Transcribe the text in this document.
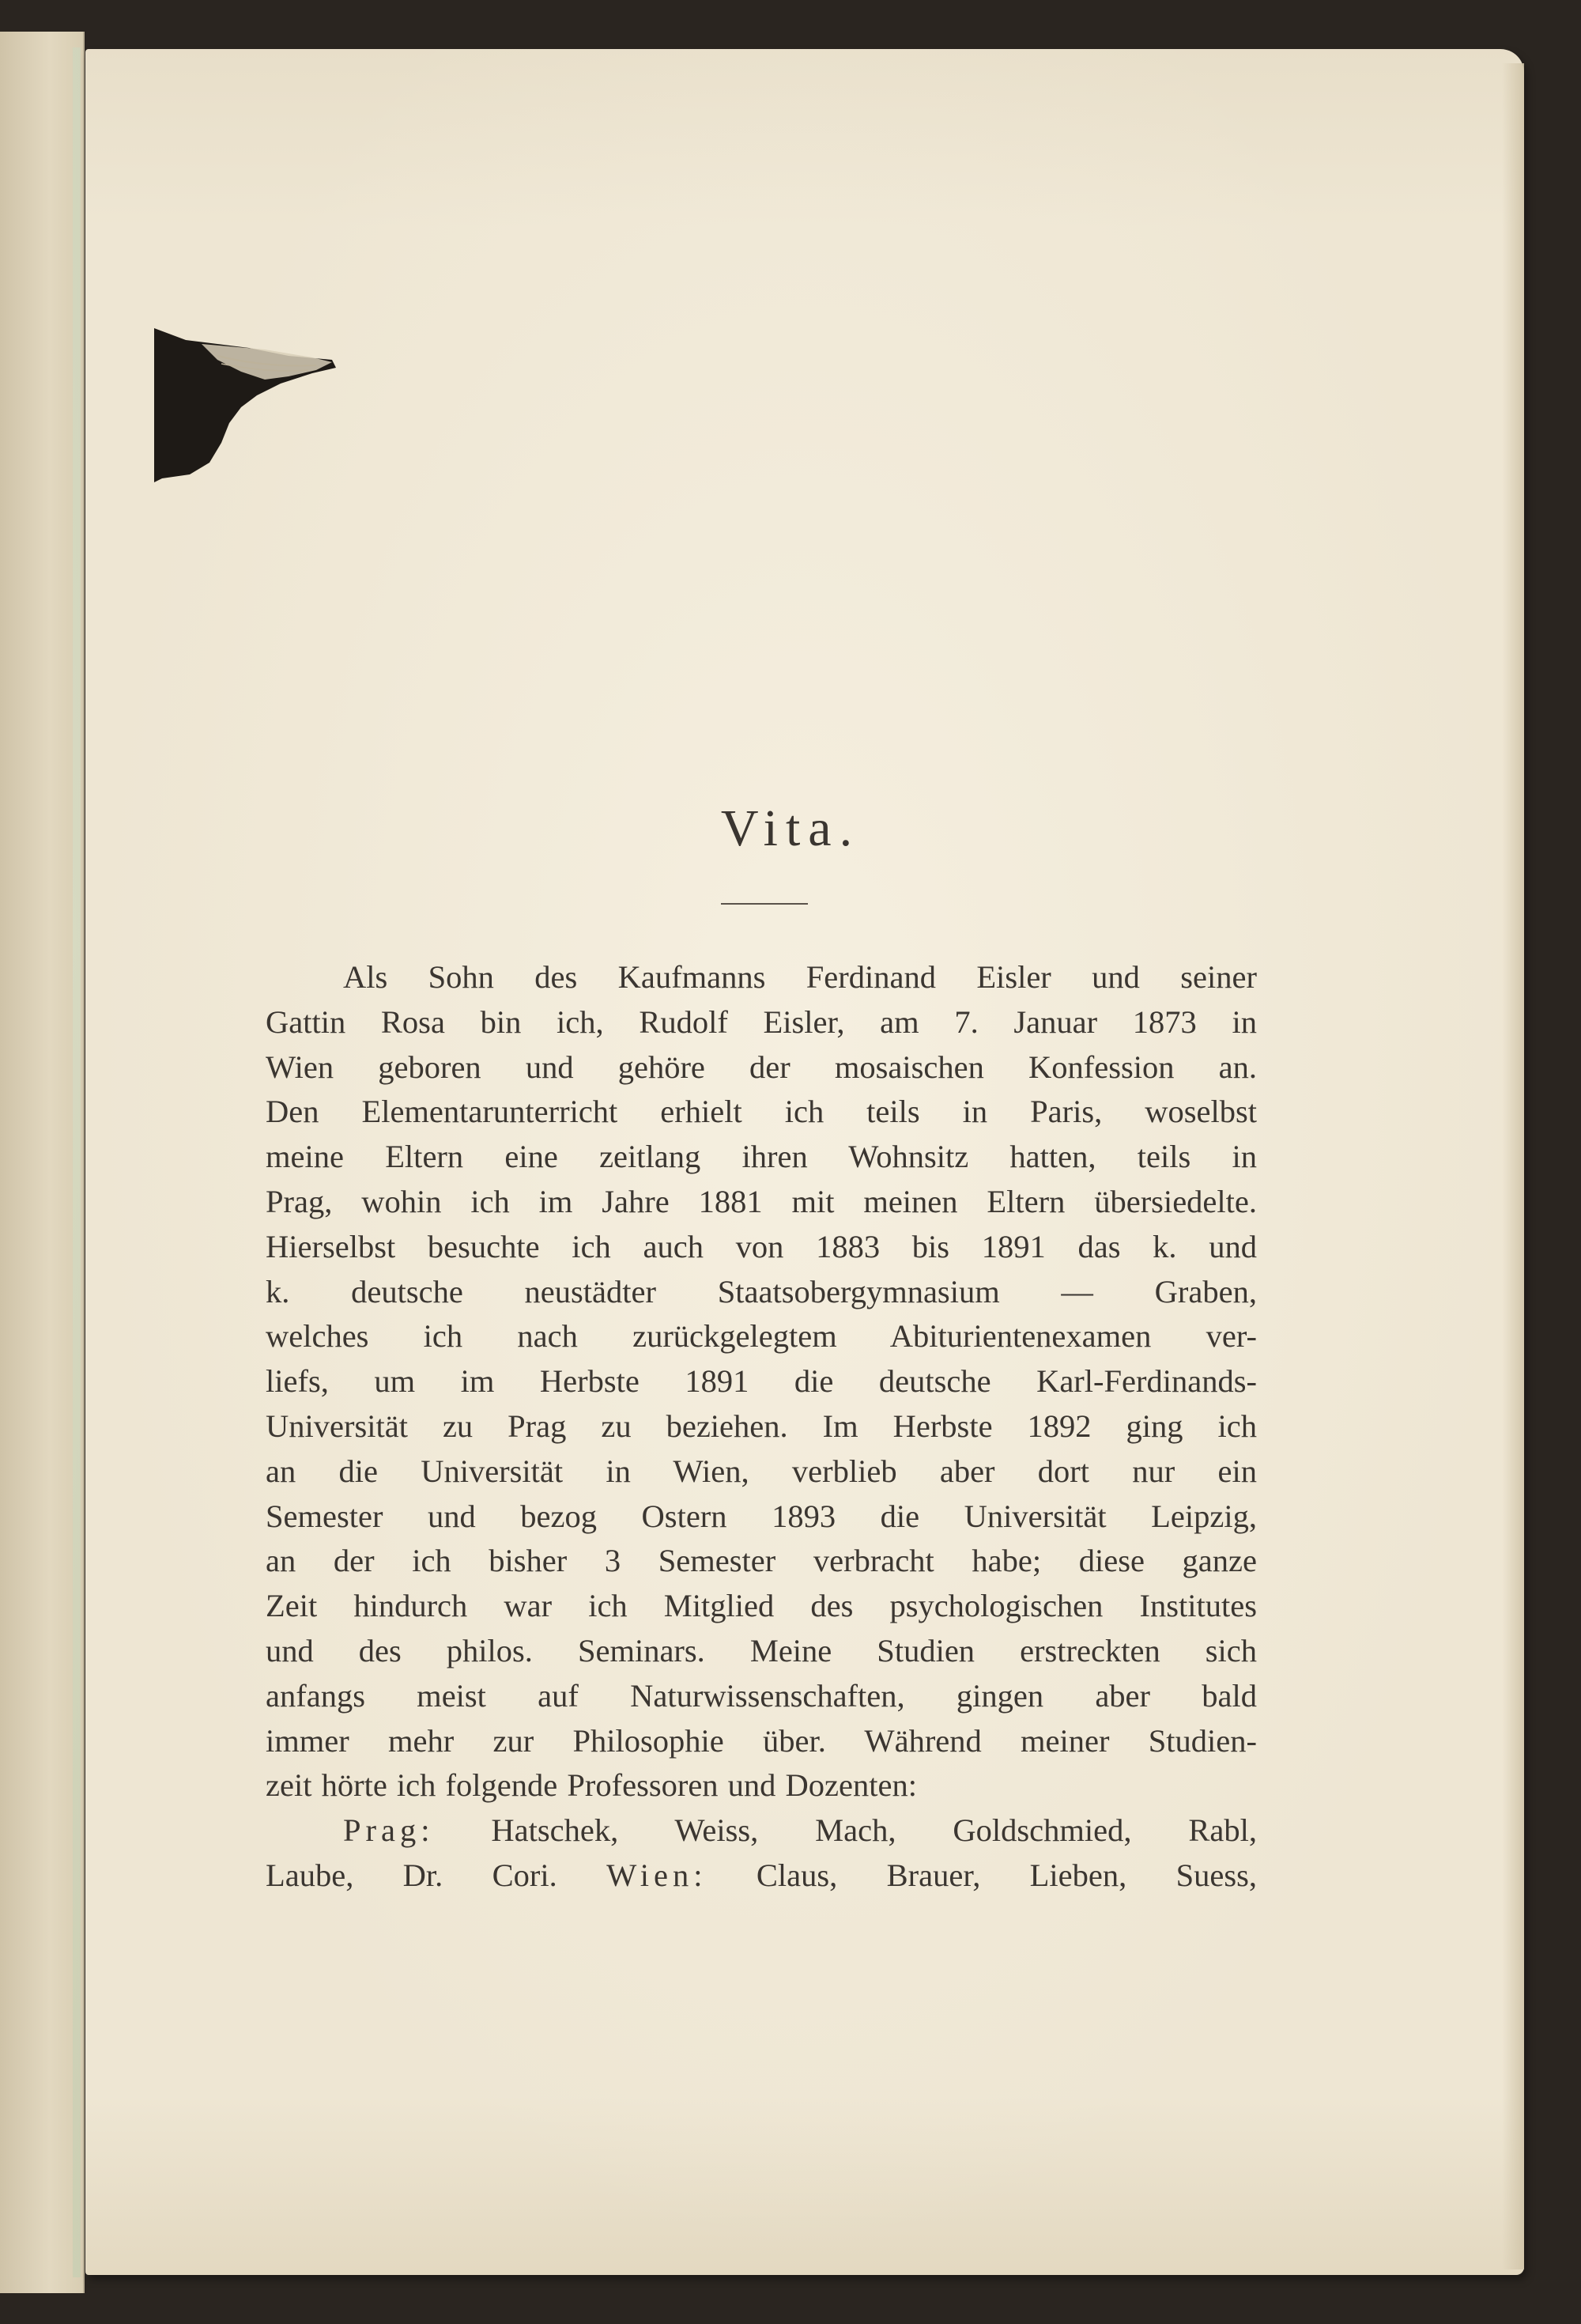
Vita.
Als Sohn des Kaufmanns Ferdinand Eisler und seiner
Gattin Rosa bin ich, Rudolf Eisler, am 7. Januar 1873 in
Wien geboren und gehöre der mosaischen Konfession an.
Den Elementarunterricht erhielt ich teils in Paris, woselbst
meine Eltern eine zeitlang ihren Wohnsitz hatten, teils in
Prag, wohin ich im Jahre 1881 mit meinen Eltern übersiedelte.
Hierselbst besuchte ich auch von 1883 bis 1891 das k. und
k. deutsche neustädter Staatsobergymnasium — Graben,
welches ich nach zurückgelegtem Abiturientenexamen ver-
liefs, um im Herbste 1891 die deutsche Karl-Ferdinands-
Universität zu Prag zu beziehen. Im Herbste 1892 ging ich
an die Universität in Wien, verblieb aber dort nur ein
Semester und bezog Ostern 1893 die Universität Leipzig,
an der ich bisher 3 Semester verbracht habe; diese ganze
Zeit hindurch war ich Mitglied des psychologischen Institutes
und des philos. Seminars. Meine Studien erstreckten sich
anfangs meist auf Naturwissenschaften, gingen aber bald
immer mehr zur Philosophie über. Während meiner Studien-
zeit hörte ich folgende Professoren und Dozenten:
Prag: Hatschek, Weiss, Mach, Goldschmied, Rabl,
Laube, Dr. Cori. Wien: Claus, Brauer, Lieben, Suess,
